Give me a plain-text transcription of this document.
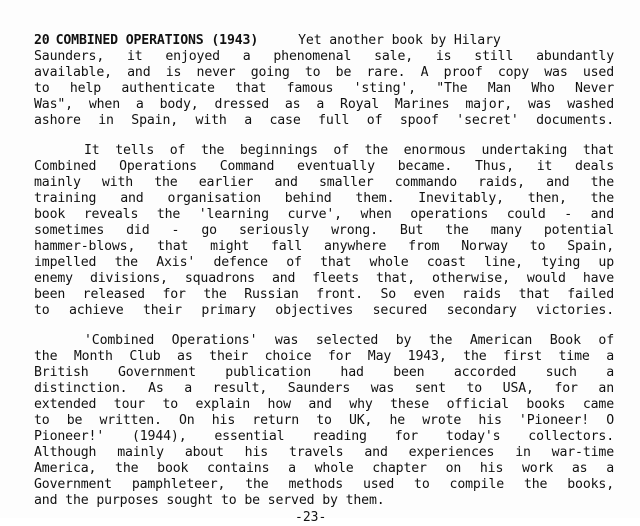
20 COMBINED OPERATIONS (1943)	Yet another book by Hilary
Saunders, it enjoyed a phenomenal sale, is still abundantly
available, and is never going to be rare. A proof copy was used
to help authenticate that famous 'sting', "The Man Who Never
Was", when a body, dressed as a Royal Marines major, was washed
ashore in Spain, with a case full of spoof 'secret' documents.
It tells of the beginnings of the enormous undertaking that
Combined Operations Command eventually became. Thus, it deals
mainly with the earlier and smaller commando raids, and the
training and organisation behind them. Inevitably, then, the
book reveals the 'learning curve', when operations could - and
sometimes did - go seriously wrong. But the many potential
hammer-blows, that might fall anywhere from Norway to Spain,
impelled the Axis' defence of that whole coast line, tying up
enemy divisions, squadrons and fleets that, otherwise, would have
been released for the Russian front. So even raids that failed
to achieve their primary objectives secured secondary victories.
'Combined Operations' was selected by the American Book of
the Month Club as their choice for May 1943, the first time a
British Government publication had been accorded such a
distinction. As a result, Saunders was sent to USA, for an
extended tour to explain how and why these official books came
to be written. On his return to UK, he wrote his 'Pioneer! O
Pioneer!' (1944), essential reading for today's collectors.
Although mainly about his travels and experiences in war-time
America, the book contains a whole chapter on his work as a
Government pamphleteer, the methods used to compile the books,
and the purposes sought to be served by them.
-23-
